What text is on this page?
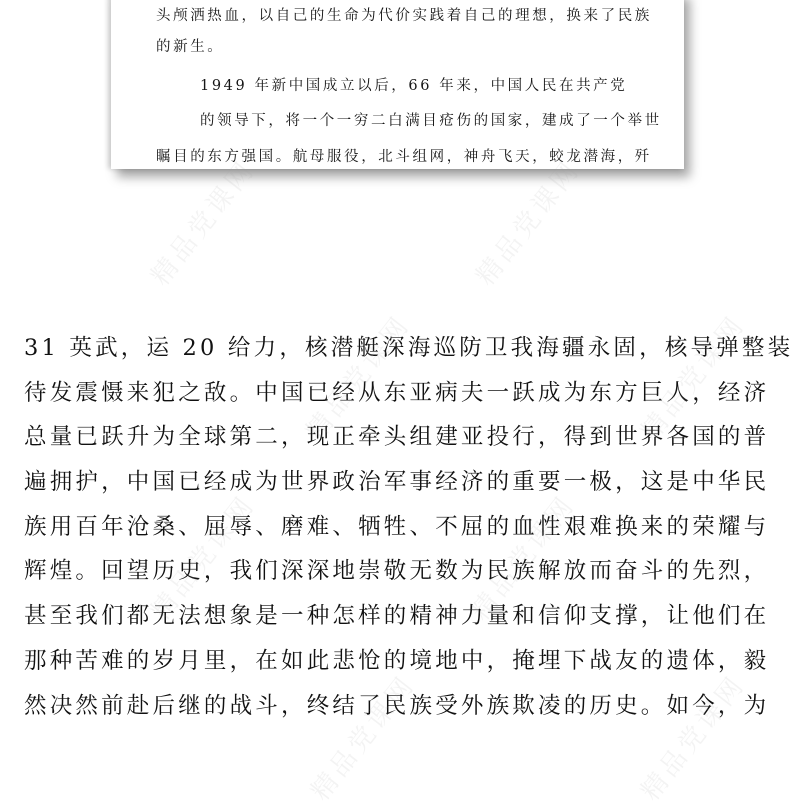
头颅洒热血，以自己的生命为代价实践着自己的理想，换来了民族
的新生。
1949 年新中国成立以后，66 年来，中国人民在共产党
的领导下，将一个一穷二白满目疮伤的国家，建成了一个举世
瞩目的东方强国。航母服役，北斗组网，神舟飞天，蛟龙潜海，歼
31 英武，运 20 给力，核潜艇深海巡防卫我海疆永固，核导弹整装
待发震慑来犯之敌。中国已经从东亚病夫一跃成为东方巨人，经济
总量已跃升为全球第二，现正牵头组建亚投行，得到世界各国的普
遍拥护，中国已经成为世界政治军事经济的重要一极，这是中华民
族用百年沧桑、屈辱、磨难、牺牲、不屈的血性艰难换来的荣耀与
辉煌。回望历史，我们深深地崇敬无数为民族解放而奋斗的先烈，
甚至我们都无法想象是一种怎样的精神力量和信仰支撑，让他们在
那种苦难的岁月里，在如此悲怆的境地中，掩埋下战友的遗体，毅
然决然前赴后继的战斗，终结了民族受外族欺凌的历史。如今，为
精品党课网	精品党课网
精品党课网	精品党课网
精品党课网	精品党课网
精品党课网	精品党课网
